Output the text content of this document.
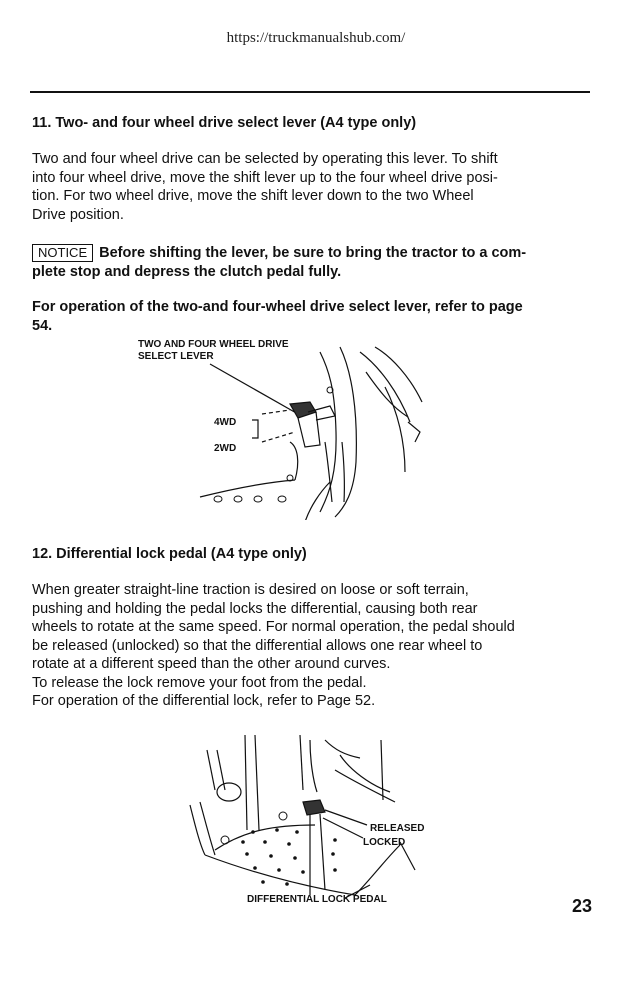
https://truckmanualshub.com/
11. Two- and four wheel drive select lever (A4 type only)
Two and four wheel drive can be selected by operating this lever. To shift
into four wheel drive, move the shift lever up to the four wheel drive posi-
tion. For two wheel drive, move the shift lever down to the two Wheel
Drive position.
NOTICE Before shifting the lever, be sure to bring the tractor to a com-
plete stop and depress the clutch pedal fully.
For operation of the two-and four-wheel drive select lever, refer to page
54.
TWO AND FOUR WHEEL DRIVE
SELECT LEVER
4WD
2WD
12. Differential lock pedal (A4 type only)
When greater straight-line traction is desired on loose or soft terrain,
pushing and holding the pedal locks the differential, causing both rear
wheels to rotate at the same speed. For normal operation, the pedal should
be released (unlocked) so that the differential allows one rear wheel to
rotate at a different speed than the other around curves.
To release the lock remove your foot from the pedal.
For operation of the differential lock, refer to Page 52.
RELEASED
LOCKED
DIFFERENTIAL LOCK PEDAL	23
